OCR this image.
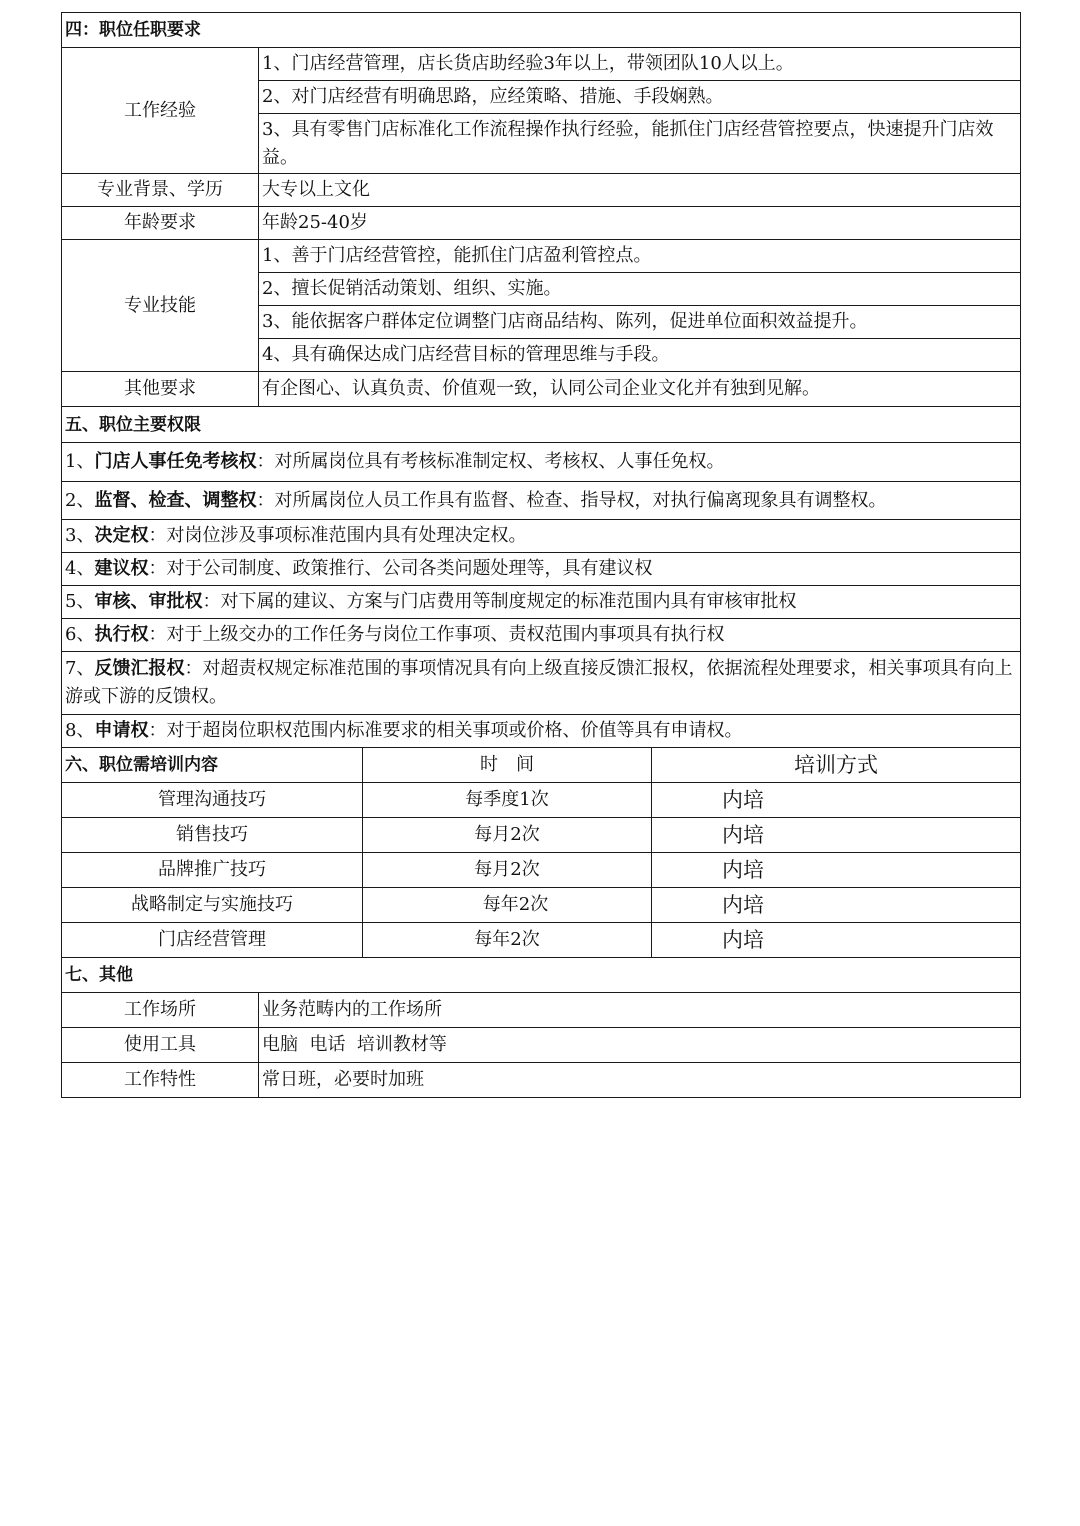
四：职位任职要求			
工作经验	1、门店经营管理，店长货店助经验3年以上，带领团队10人以上。		
	2、对门店经营有明确思路，应经策略、措施、手段娴熟。		
	3、具有零售门店标准化工作流程操作执行经验，能抓住门店经营管控要点，快速提升门店效益。		
专业背景、学历	大专以上文化		
年龄要求	年龄25-40岁		
专业技能	1、善于门店经营管控，能抓住门店盈利管控点。		
	2、擅长促销活动策划、组织、实施。		
	3、能依据客户群体定位调整门店商品结构、陈列，促进单位面积效益提升。		
	4、具有确保达成门店经营目标的管理思维与手段。		
其他要求	有企图心、认真负责、价值观一致，认同公司企业文化并有独到见解。		
五、职位主要权限			
1、门店人事任免考核权：对所属岗位具有考核标准制定权、考核权、人事任免权。			
2、监督、检查、调整权：对所属岗位人员工作具有监督、检查、指导权，对执行偏离现象具有调整权。			
3、决定权：对岗位涉及事项标准范围内具有处理决定权。			
4、建议权：对于公司制度、政策推行、公司各类问题处理等，具有建议权			
5、审核、审批权：对下属的建议、方案与门店费用等制度规定的标准范围内具有审核审批权			
6、执行权：对于上级交办的工作任务与岗位工作事项、责权范围内事项具有执行权			
7、反馈汇报权：对超责权规定标准范围的事项情况具有向上级直接反馈汇报权，依据流程处理要求，相关事项具有向上游或下游的反馈权。			
8、申请权：对于超岗位职权范围内标准要求的相关事项或价格、价值等具有申请权。			
六、职位需培训内容		时　间	培训方式
管理沟通技巧		每季度1次	内培
销售技巧		每月2次	内培
品牌推广技巧		每月2次	内培
战略制定与实施技巧		每年2次	内培
门店经营管理		每年2次	内培
七、其他			
工作场所	业务范畴内的工作场所		
使用工具	电脑  电话  培训教材等		
工作特性	常日班，必要时加班		
